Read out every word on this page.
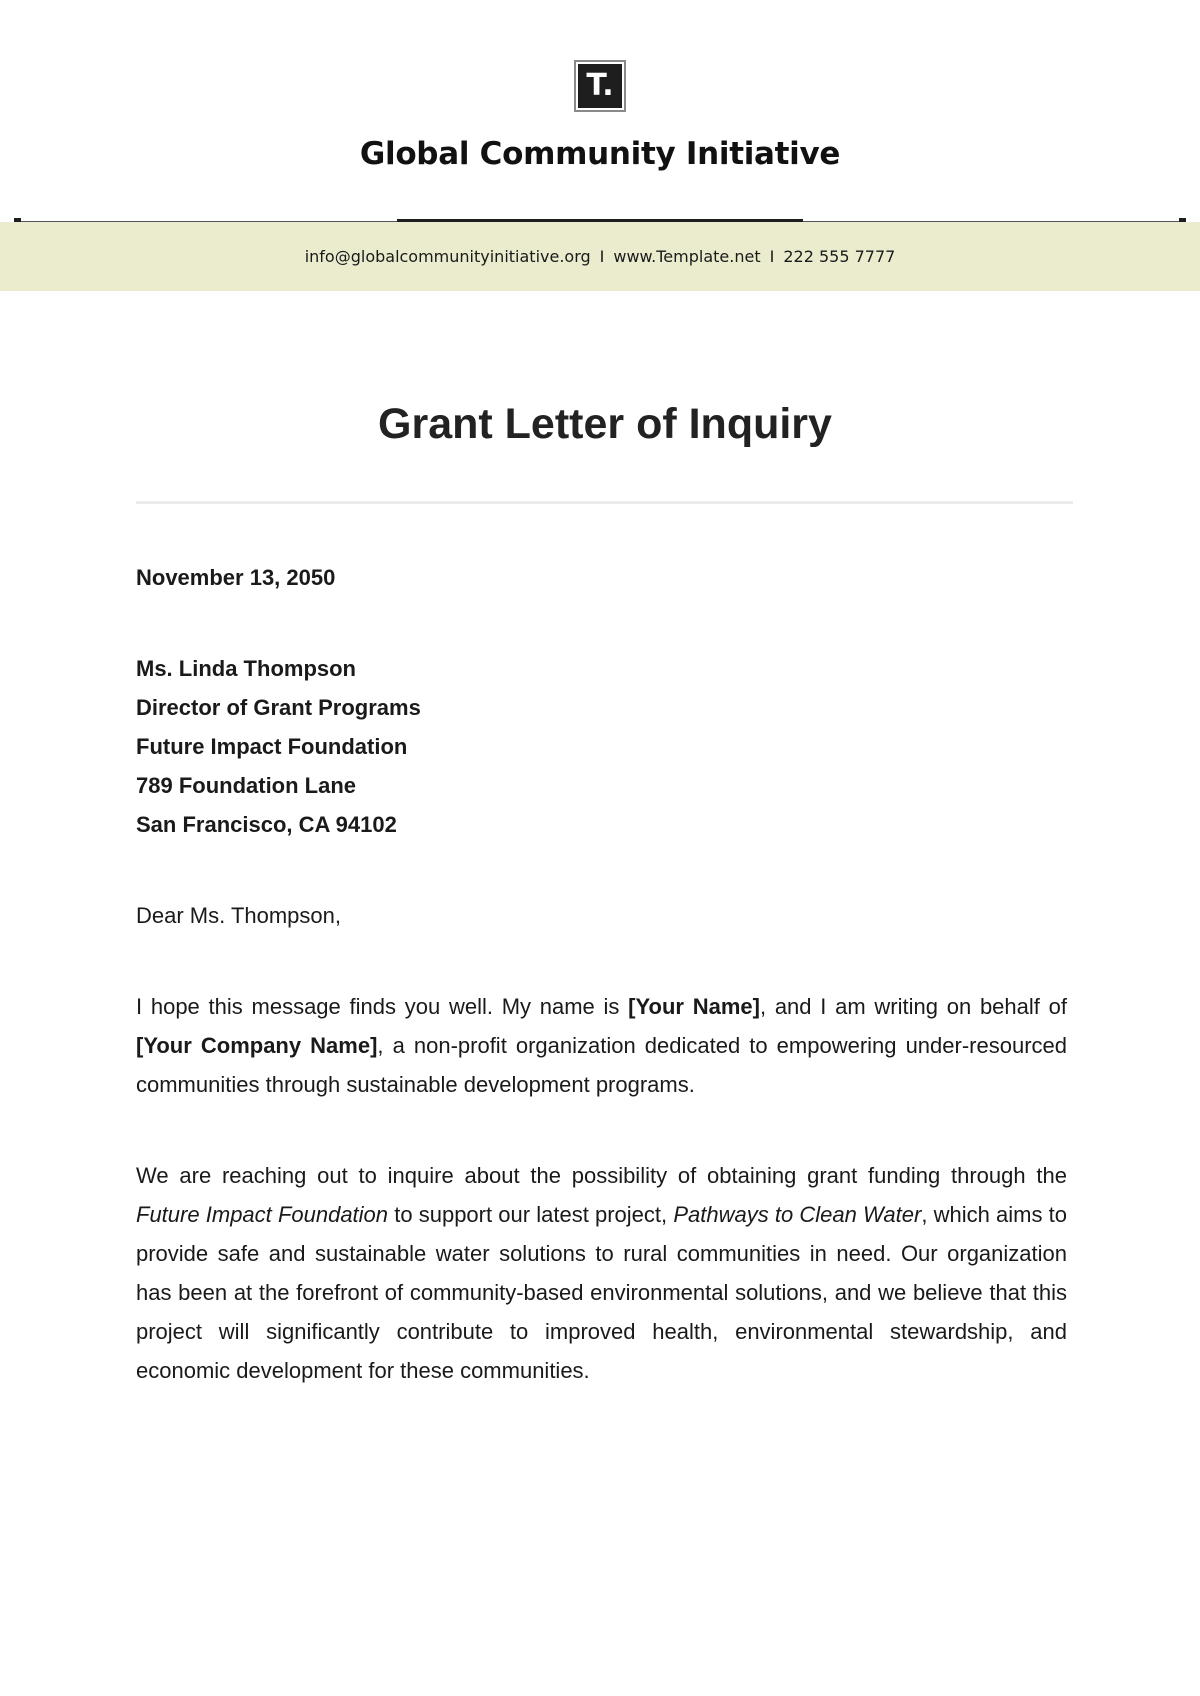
T.
Global Community Initiative
info@globalcommunityinitiative.org I www.Template.net I 222 555 7777
Grant Letter of Inquiry
November 13, 2050
Ms. Linda Thompson
Director of Grant Programs
Future Impact Foundation
789 Foundation Lane
San Francisco, CA 94102
Dear Ms. Thompson,
I hope this message finds you well. My name is [Your Name], and I am writing on behalf of [Your Company Name], a non-profit organization dedicated to empowering under-resourced communities through sustainable development programs.
We are reaching out to inquire about the possibility of obtaining grant funding through the Future Impact Foundation to support our latest project, Pathways to Clean Water, which aims to provide safe and sustainable water solutions to rural communities in need. Our organization has been at the forefront of community-based environmental solutions, and we believe that this project will significantly contribute to improved health, environmental stewardship, and economic development for these communities.
